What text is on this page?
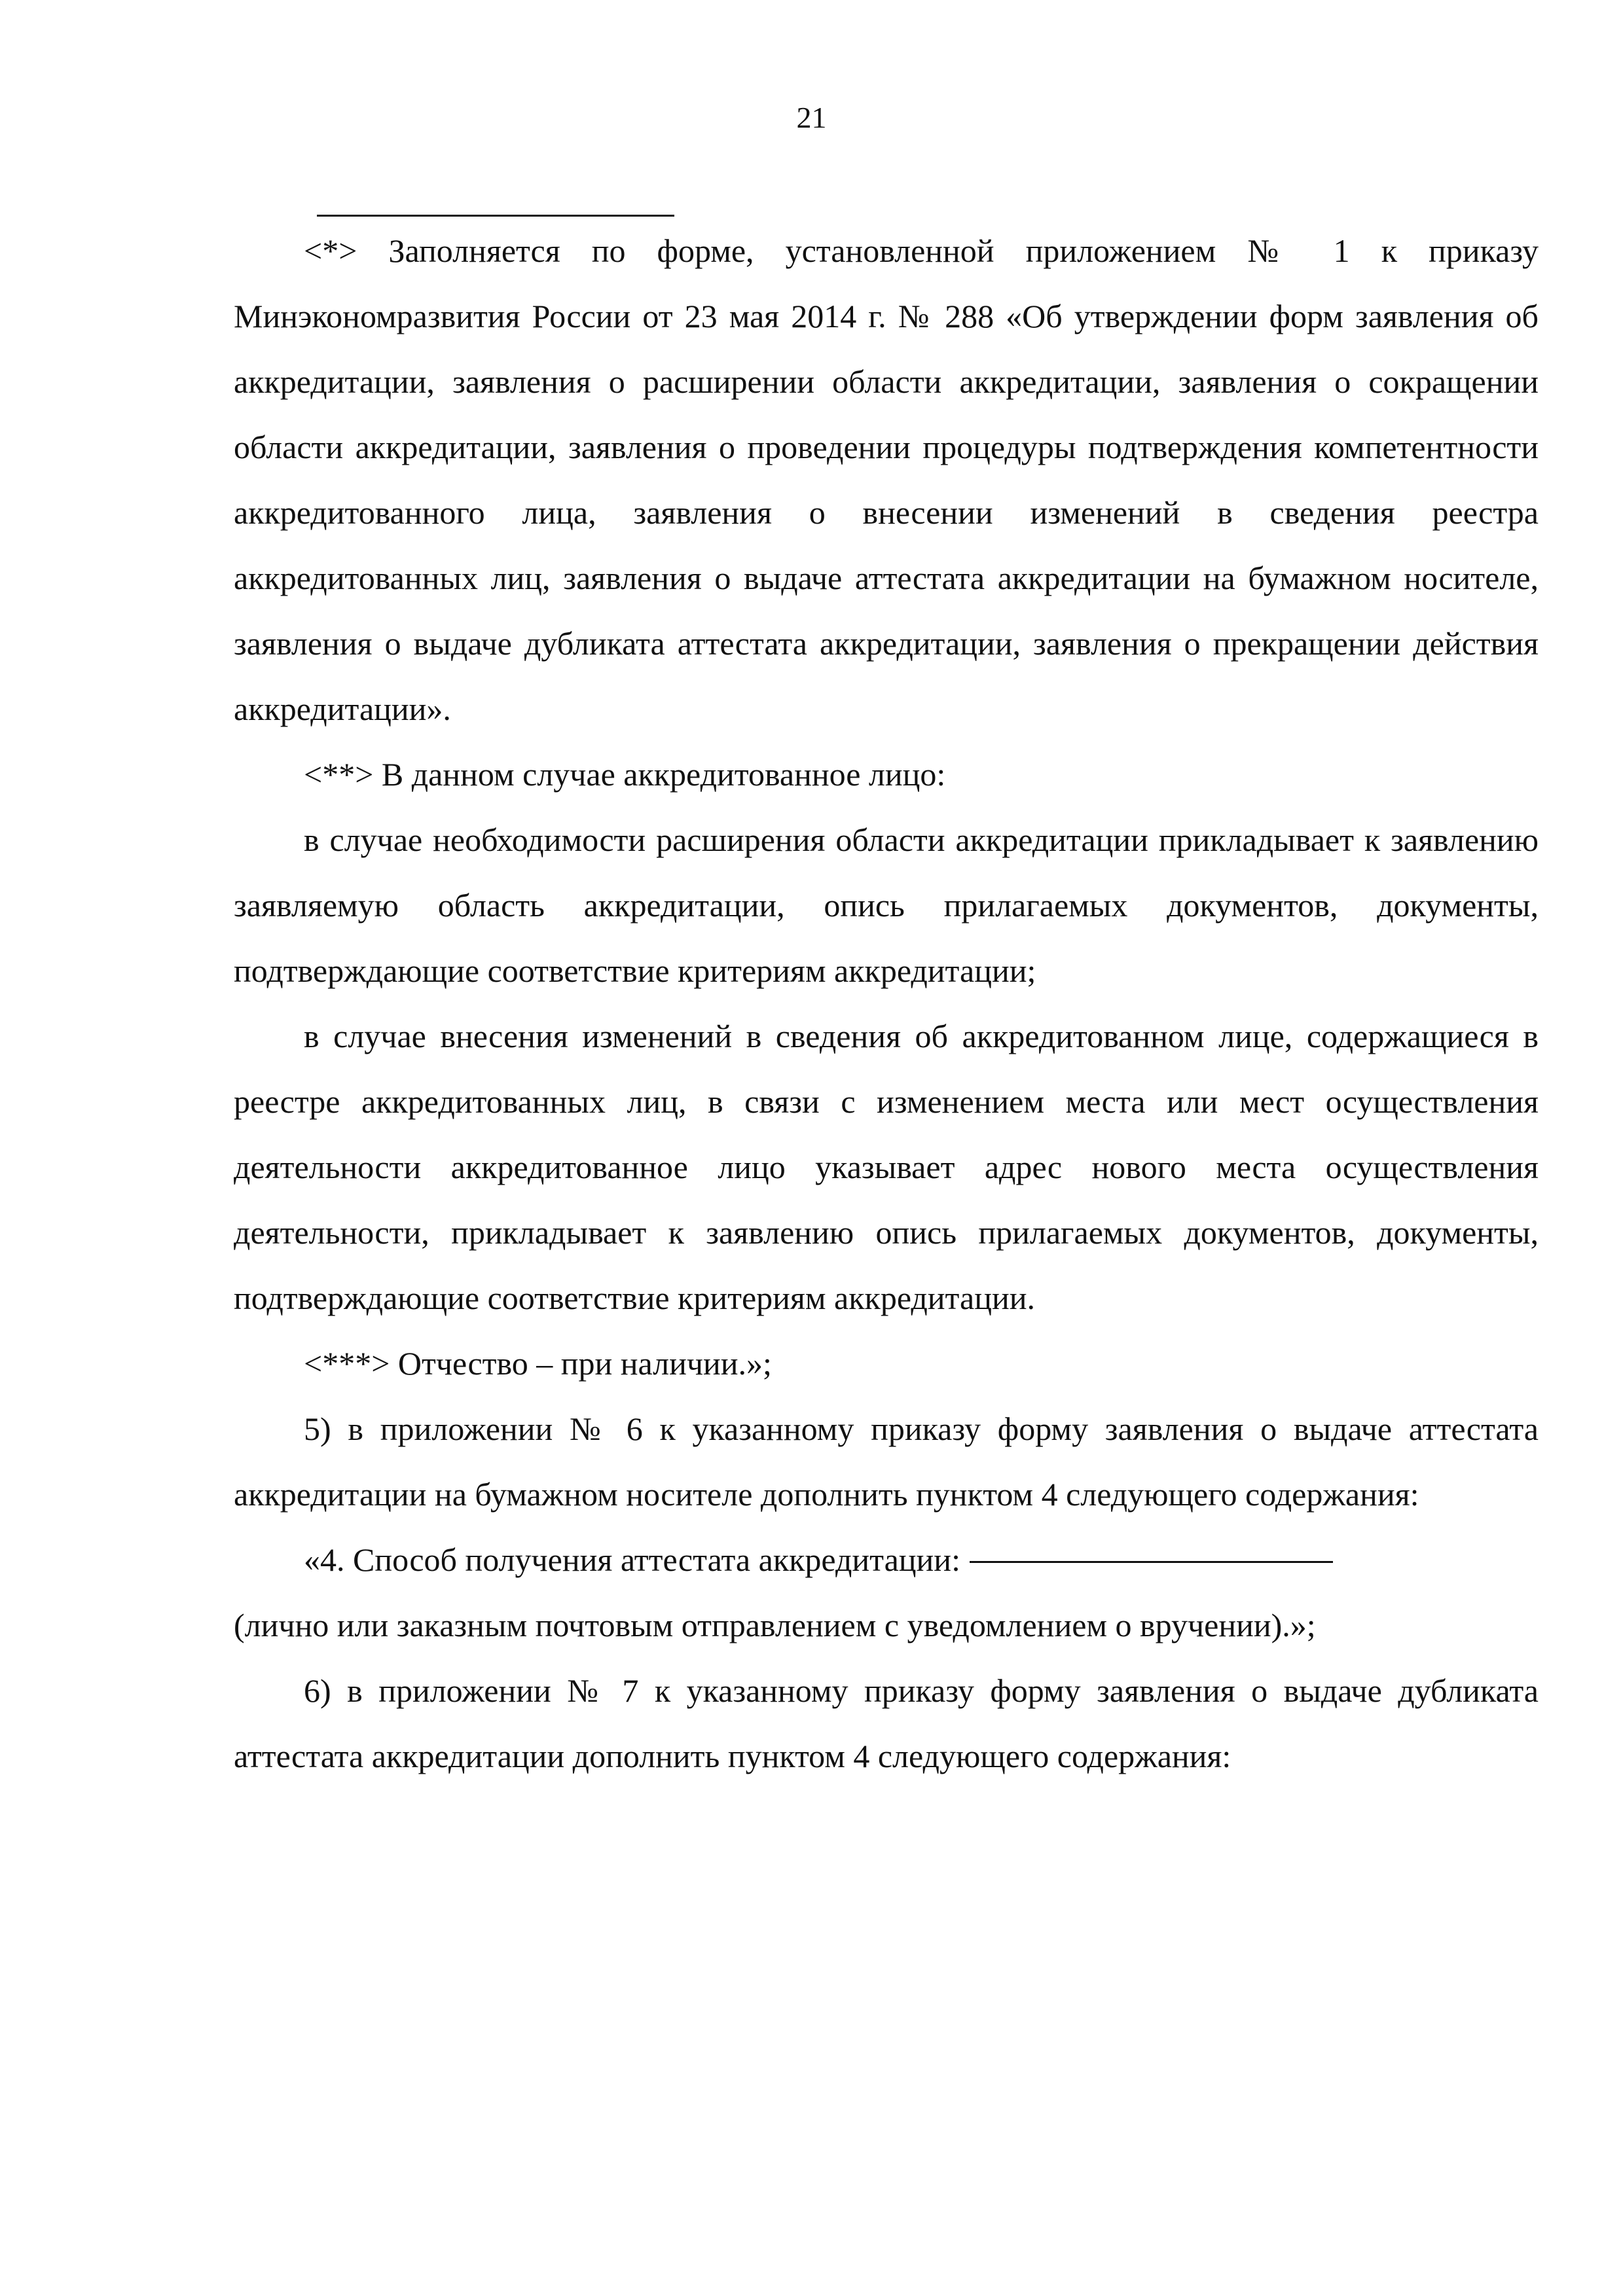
21

<*> Заполняется по форме, установленной приложением № 1 к приказу Минэкономразвития России от 23 мая 2014 г. № 288 «Об утверждении форм заявления об аккредитации, заявления о расширении области аккредитации, заявления о сокращении области аккредитации, заявления о проведении процедуры подтверждения компетентности аккредитованного лица, заявления о внесении изменений в сведения реестра аккредитованных лиц, заявления о выдаче аттестата аккредитации на бумажном носителе, заявления о выдаче дубликата аттестата аккредитации, заявления о прекращении действия аккредитации».

<**> В данном случае аккредитованное лицо:

в случае необходимости расширения области аккредитации прикладывает к заявлению заявляемую область аккредитации, опись прилагаемых документов, документы, подтверждающие соответствие критериям аккредитации;

в случае внесения изменений в сведения об аккредитованном лице, содержащиеся в реестре аккредитованных лиц, в связи с изменением места или мест осуществления деятельности аккредитованное лицо указывает адрес нового места осуществления деятельности, прикладывает к заявлению опись прилагаемых документов, документы, подтверждающие соответствие критериям аккредитации.

<***> Отчество – при наличии.»;

5) в приложении № 6 к указанному приказу форму заявления о выдаче аттестата аккредитации на бумажном носителе дополнить пунктом 4 следующего содержания:

«4. Способ получения аттестата аккредитации:

(лично или заказным почтовым отправлением с уведомлением о вручении).»;

6) в приложении № 7 к указанному приказу форму заявления о выдаче дубликата аттестата аккредитации дополнить пунктом 4 следующего содержания:
